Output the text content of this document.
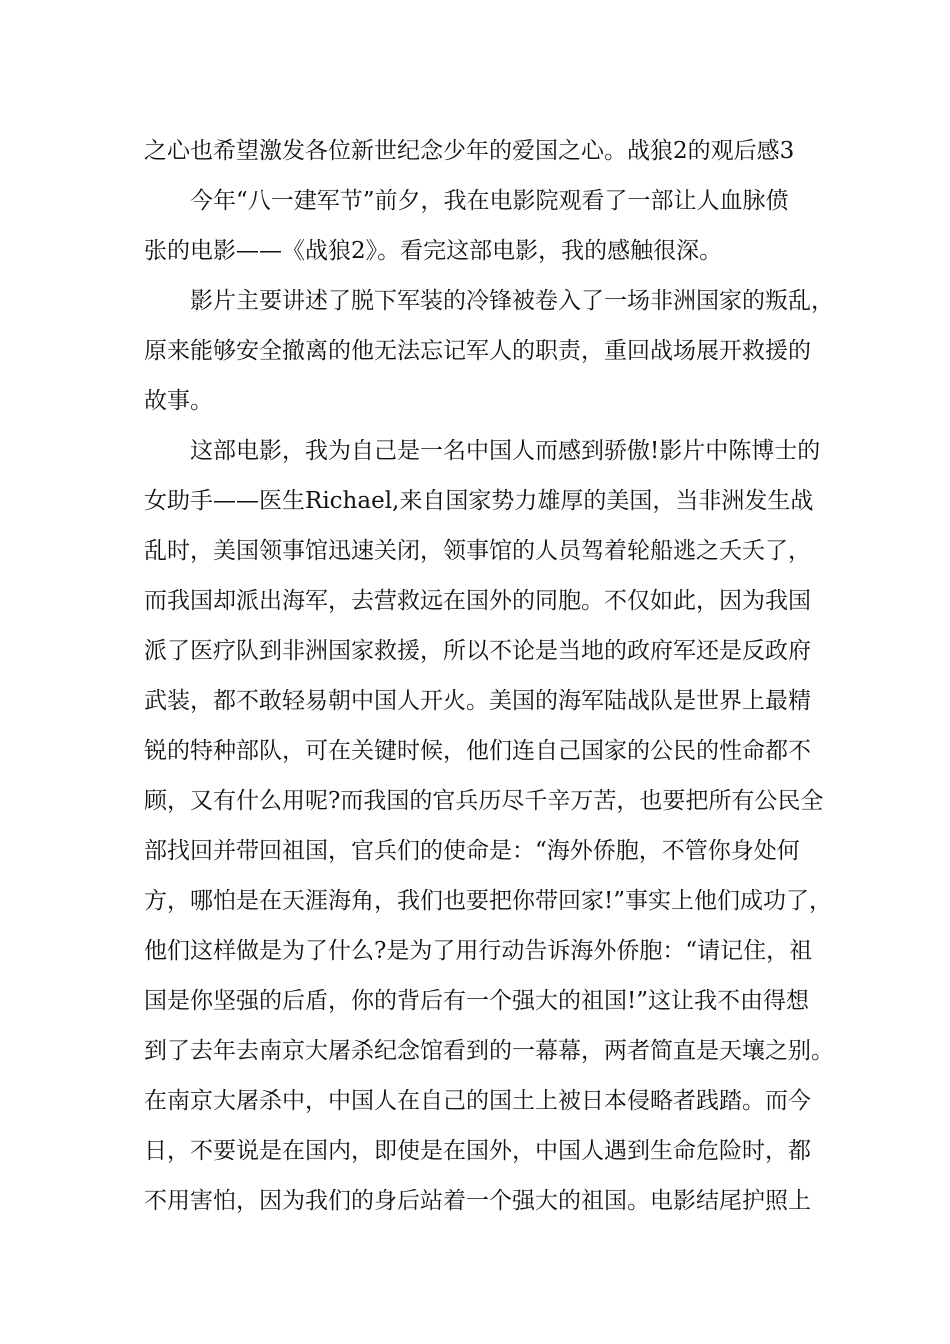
之心也希望激发各位新世纪念少年的爱国之心。战狼2的观后感3
今年“八一建军节”前夕，我在电影院观看了一部让人血脉偾
张的电影——《战狼2》。看完这部电影，我的感触很深。
影片主要讲述了脱下军装的冷锋被卷入了一场非洲国家的叛乱，
原来能够安全撤离的他无法忘记军人的职责，重回战场展开救援的
故事。
这部电影，我为自己是一名中国人而感到骄傲!影片中陈博士的
女助手——医生Richael,来自国家势力雄厚的美国，当非洲发生战
乱时，美国领事馆迅速关闭，领事馆的人员驾着轮船逃之夭夭了，
而我国却派出海军，去营救远在国外的同胞。不仅如此，因为我国
派了医疗队到非洲国家救援，所以不论是当地的政府军还是反政府
武装，都不敢轻易朝中国人开火。美国的海军陆战队是世界上最精
锐的特种部队，可在关键时候，他们连自己国家的公民的性命都不
顾，又有什么用呢?而我国的官兵历尽千辛万苦，也要把所有公民全
部找回并带回祖国，官兵们的使命是：“海外侨胞，不管你身处何
方，哪怕是在天涯海角，我们也要把你带回家!”事实上他们成功了，
他们这样做是为了什么?是为了用行动告诉海外侨胞：“请记住，祖
国是你坚强的后盾，你的背后有一个强大的祖国!”这让我不由得想
到了去年去南京大屠杀纪念馆看到的一幕幕，两者简直是天壤之别。
在南京大屠杀中，中国人在自己的国土上被日本侵略者践踏。而今
日，不要说是在国内，即使是在国外，中国人遇到生命危险时，都
不用害怕，因为我们的身后站着一个强大的祖国。电影结尾护照上
